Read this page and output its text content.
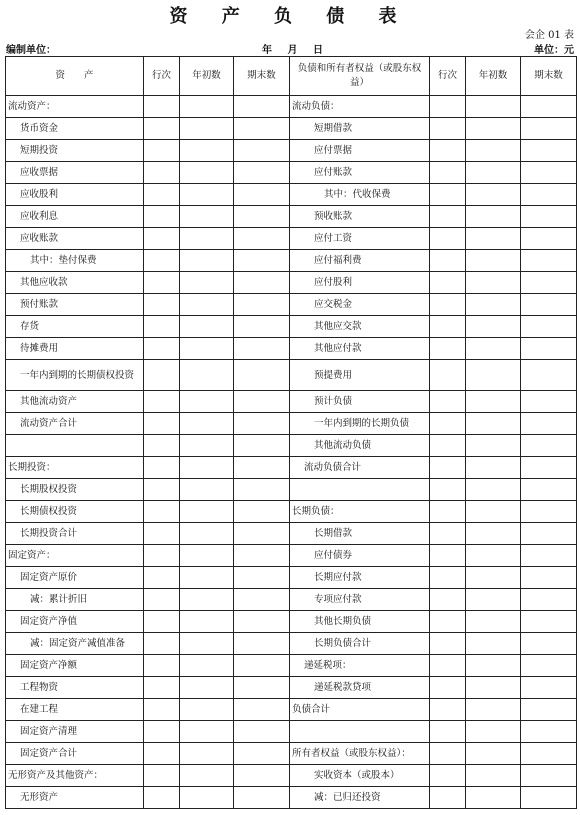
资 产 负 债 表
会企 01 表
编制单位：	年 月 日	单位：元
资　　产	行次	年初数	期末数	负债和所有者权益（或股东权益）	行次	年初数	期末数
流动资产：				流动负债：			
货币资金				短期借款			
短期投资				应付票据			
应收票据				应付账款			
应收股利				其中：代收保费			
应收利息				预收账款			
应收账款				应付工资			
其中：垫付保费				应付福利费			
其他应收款				应付股利			
预付账款				应交税金			
存货				其他应交款			
待摊费用				其他应付款			
一年内到期的长期债权投资				预提费用			
其他流动资产				预计负债			
流动资产合计				一年内到期的长期负债			
				其他流动负债			
长期投资：				流动负债合计			
长期股权投资							
长期债权投资				长期负债：			
长期投资合计				长期借款			
固定资产：				应付债券			
固定资产原价				长期应付款			
减：累计折旧				专项应付款			
固定资产净值				其他长期负债			
减：固定资产减值准备				长期负债合计			
固定资产净额				递延税项：			
工程物资				递延税款贷项			
在建工程				负债合计			
固定资产清理							
固定资产合计				所有者权益（或股东权益）：			
无形资产及其他资产：				实收资本（或股本）			
无形资产				减：已归还投资			
